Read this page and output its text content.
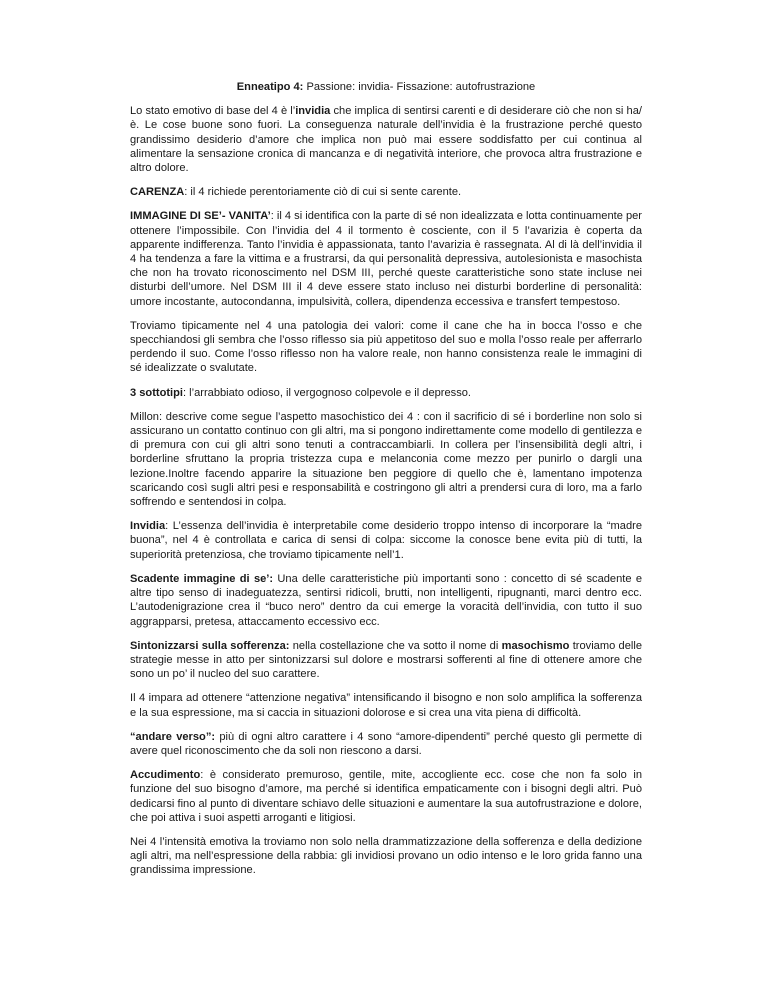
Enneatipo 4: Passione: invidia- Fissazione: autofrustrazione

Lo stato emotivo di base del 4 è l’invidia che implica di sentirsi carenti e di desiderare ciò che non si ha/è. Le cose buone sono fuori. La conseguenza naturale dell’invidia è la frustrazione perché questo grandissimo desiderio d’amore che implica non può mai essere soddisfatto per cui continua al alimentare la sensazione cronica di mancanza e di negatività interiore, che provoca altra frustrazione e altro dolore.

CARENZA: il 4 richiede perentoriamente ciò di cui si sente carente.

IMMAGINE DI SE’- VANITA’: il 4 si identifica con la parte di sé non idealizzata e lotta continuamente per ottenere l’impossibile. Con l’invidia del 4 il tormento è cosciente, con il 5 l’avarizia è coperta da apparente indifferenza. Tanto l’invidia è appassionata, tanto l’avarizia è rassegnata. Al di là dell’invidia il 4 ha tendenza a fare la vittima e a frustrarsi, da qui personalità depressiva, autolesionista e masochista che non ha trovato riconoscimento nel DSM III, perché queste caratteristiche sono state incluse nei disturbi dell’umore. Nel DSM III il 4 deve essere stato incluso nei disturbi borderline di personalità: umore incostante, autocondanna, impulsività, collera, dipendenza eccessiva e transfert tempestoso.

Troviamo tipicamente nel 4 una patologia dei valori: come il cane che ha in bocca l’osso e che specchiandosi gli sembra che l’osso riflesso sia più appetitoso del suo e molla l’osso reale per afferrarlo perdendo il suo. Come l’osso riflesso non ha valore reale, non hanno consistenza reale le immagini di sé idealizzate o svalutate.

3 sottotipi: l’arrabbiato odioso, il vergognoso colpevole e il depresso.

Millon: descrive come segue l’aspetto masochistico dei 4 : con il sacrificio di sé i borderline non solo si assicurano un contatto continuo con gli altri, ma si pongono indirettamente come modello di gentilezza e di premura con cui gli altri sono tenuti a contraccambiarli. In collera per l’insensibilità degli altri, i borderline sfruttano la propria tristezza cupa e melanconia come mezzo per punirlo o dargli una lezione.Inoltre facendo apparire la situazione ben peggiore di quello che è, lamentano impotenza scaricando così sugli altri pesi e responsabilità e costringono gli altri a prendersi cura di loro, ma a farlo soffrendo e sentendosi in colpa.

Invidia: L’essenza dell’invidia è interpretabile come desiderio troppo intenso di incorporare la “madre buona”, nel 4 è controllata e carica di sensi di colpa: siccome la conosce bene evita più di tutti, la superiorità pretenziosa, che troviamo tipicamente nell’1.

Scadente immagine di se’: Una delle caratteristiche più importanti sono : concetto di sé scadente e altre tipo senso di inadeguatezza, sentirsi ridicoli, brutti, non intelligenti, ripugnanti, marci dentro ecc. L’autodenigrazione crea il “buco nero” dentro da cui emerge la voracità dell’invidia, con tutto il suo aggrapparsi, pretesa, attaccamento eccessivo ecc.

Sintonizzarsi sulla sofferenza: nella costellazione che va sotto il nome di masochismo troviamo delle strategie messe in atto per sintonizzarsi sul dolore e mostrarsi sofferenti al fine di ottenere amore che sono un po’ il nucleo del suo carattere.

Il 4 impara ad ottenere “attenzione negativa” intensificando il bisogno e non solo amplifica la sofferenza e la sua espressione, ma si caccia in situazioni dolorose e si crea una vita piena di difficoltà.

“andare verso”: più di ogni altro carattere i 4 sono “amore-dipendenti” perché questo gli permette di avere quel riconoscimento che da soli non riescono a darsi.

Accudimento: è considerato premuroso, gentile, mite, accogliente ecc. cose che non fa solo in funzione del suo bisogno d’amore, ma perché si identifica empaticamente con i bisogni degli altri. Può dedicarsi fino al punto di diventare schiavo delle situazioni e aumentare la sua autofrustrazione e dolore, che poi attiva i suoi aspetti arroganti e litigiosi.

Nei 4 l’intensità emotiva la troviamo non solo nella drammatizzazione della sofferenza e della dedizione agli altri, ma nell’espressione della rabbia: gli invidiosi provano un odio intenso e le loro grida fanno una grandissima impressione.
